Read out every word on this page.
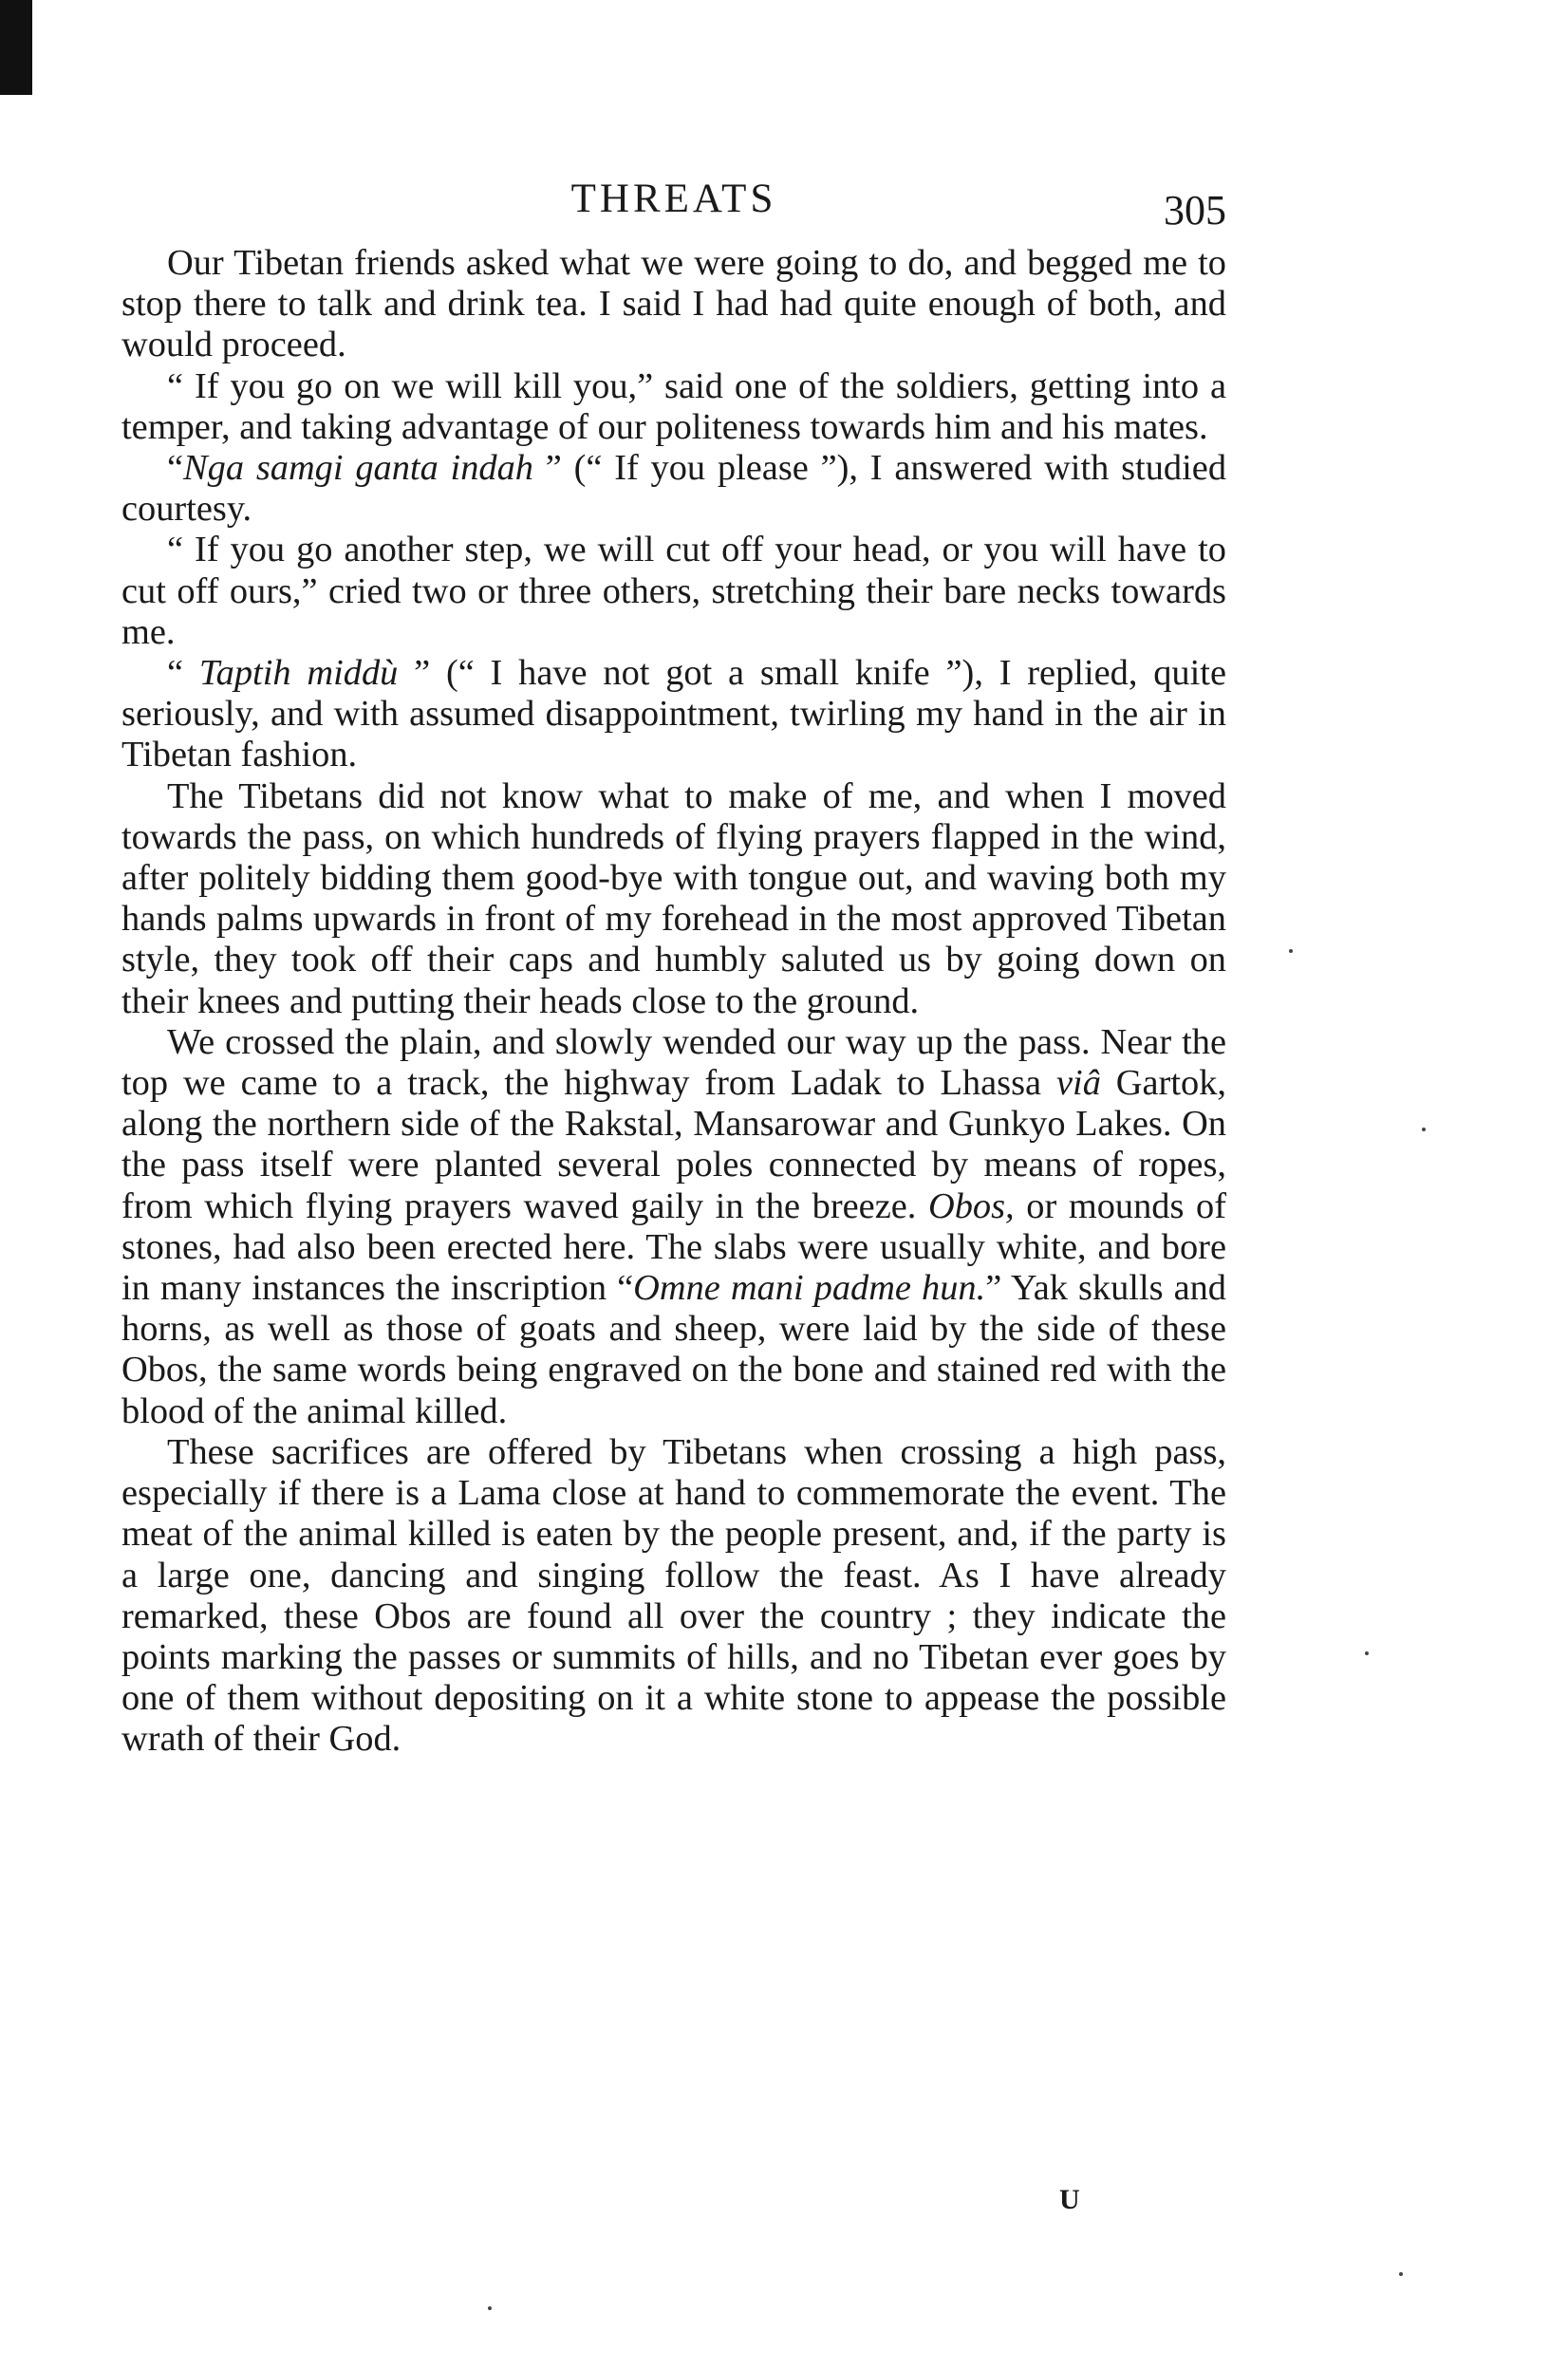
THREATS	305

Our Tibetan friends asked what we were going to do, and begged me to stop there to talk and drink tea. I said I had had quite enough of both, and would proceed.

“ If you go on we will kill you,” said one of the soldiers, getting into a temper, and taking advantage of our politeness towards him and his mates.

“Nga samgi ganta indah ” (“ If you please ”), I answered with studied courtesy.

“ If you go another step, we will cut off your head, or you will have to cut off ours,” cried two or three others, stretching their bare necks towards me.

“ Taptih middù ” (“ I have not got a small knife ”), I replied, quite seriously, and with assumed disappointment, twirling my hand in the air in Tibetan fashion.

The Tibetans did not know what to make of me, and when I moved towards the pass, on which hundreds of flying prayers flapped in the wind, after politely bidding them good-bye with tongue out, and waving both my hands palms upwards in front of my forehead in the most approved Tibetan style, they took off their caps and humbly saluted us by going down on their knees and putting their heads close to the ground.

We crossed the plain, and slowly wended our way up the pass. Near the top we came to a track, the highway from Ladak to Lhassa viâ Gartok, along the northern side of the Rakstal, Mansarowar and Gunkyo Lakes. On the pass itself were planted several poles connected by means of ropes, from which flying prayers waved gaily in the breeze. Obos, or mounds of stones, had also been erected here. The slabs were usually white, and bore in many instances the inscription “Omne mani padme hun.” Yak skulls and horns, as well as those of goats and sheep, were laid by the side of these Obos, the same words being engraved on the bone and stained red with the blood of the animal killed.

These sacrifices are offered by Tibetans when crossing a high pass, especially if there is a Lama close at hand to commemorate the event. The meat of the animal killed is eaten by the people present, and, if the party is a large one, dancing and singing follow the feast. As I have already remarked, these Obos are found all over the country ; they indicate the points marking the passes or summits of hills, and no Tibetan ever goes by one of them without depositing on it a white stone to appease the possible wrath of their God.

U
